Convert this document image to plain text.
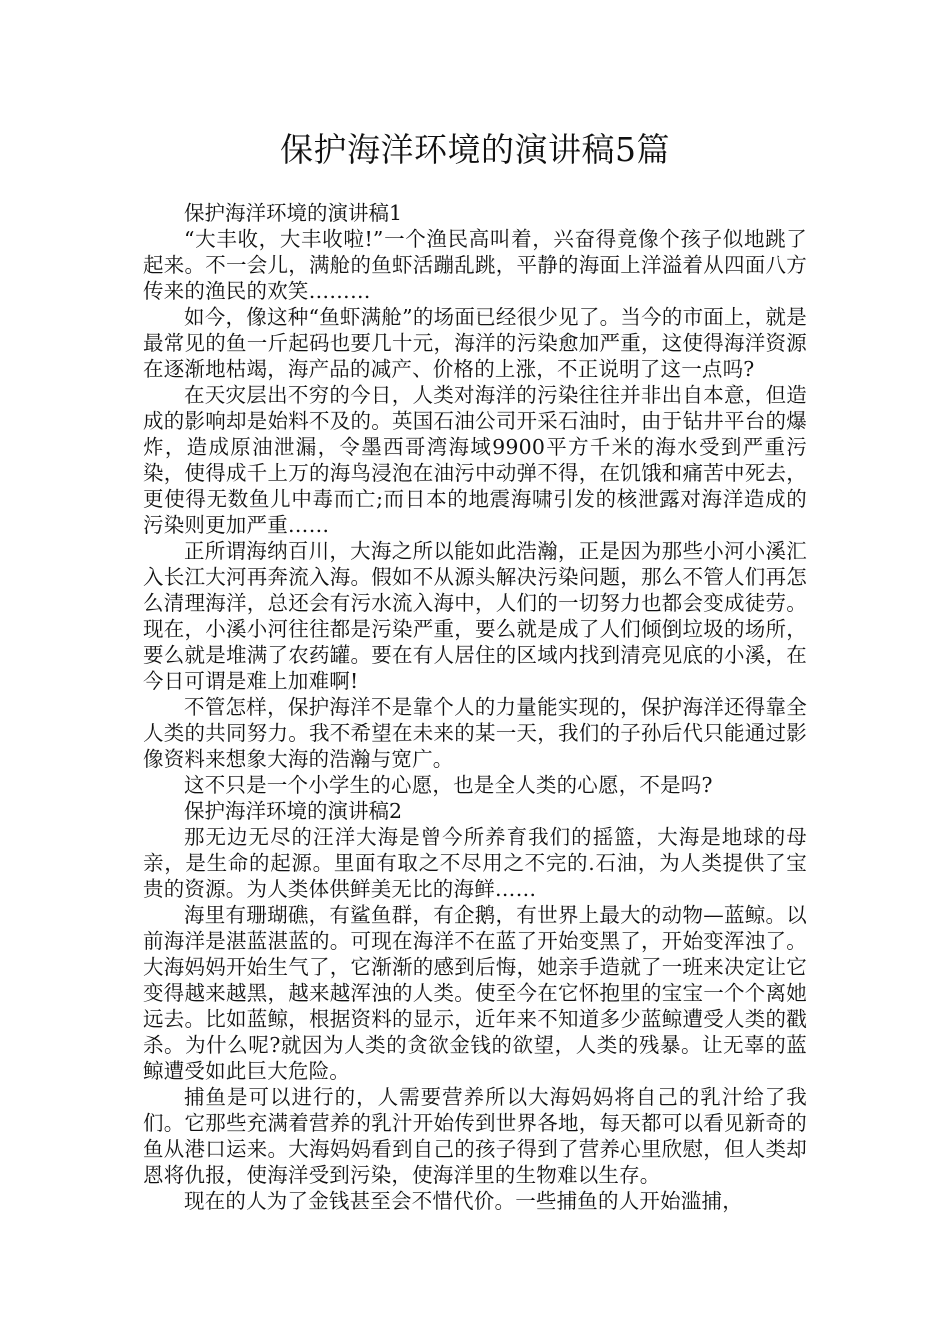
保护海洋环境的演讲稿5篇

保护海洋环境的演讲稿1

“大丰收，大丰收啦!”一个渔民高叫着，兴奋得竟像个孩子似地跳了起来。不一会儿，满舱的鱼虾活蹦乱跳，平静的海面上洋溢着从四面八方传来的渔民的欢笑………

如今，像这种“鱼虾满舱”的场面已经很少见了。当今的市面上，就是最常见的鱼一斤起码也要几十元，海洋的污染愈加严重，这使得海洋资源在逐渐地枯竭，海产品的减产、价格的上涨，不正说明了这一点吗?

在天灾层出不穷的今日，人类对海洋的污染往往并非出自本意，但造成的影响却是始料不及的。英国石油公司开采石油时，由于钻井平台的爆炸，造成原油泄漏，令墨西哥湾海域9900平方千米的海水受到严重污染，使得成千上万的海鸟浸泡在油污中动弹不得，在饥饿和痛苦中死去，更使得无数鱼儿中毒而亡;而日本的地震海啸引发的核泄露对海洋造成的污染则更加严重……

正所谓海纳百川，大海之所以能如此浩瀚，正是因为那些小河小溪汇入长江大河再奔流入海。假如不从源头解决污染问题，那么不管人们再怎么清理海洋，总还会有污水流入海中，人们的一切努力也都会变成徒劳。现在，小溪小河往往都是污染严重，要么就是成了人们倾倒垃圾的场所，要么就是堆满了农药罐。要在有人居住的区域内找到清亮见底的小溪，在今日可谓是难上加难啊!

不管怎样，保护海洋不是靠个人的力量能实现的，保护海洋还得靠全人类的共同努力。我不希望在未来的某一天，我们的子孙后代只能通过影像资料来想象大海的浩瀚与宽广。

这不只是一个小学生的心愿，也是全人类的心愿，不是吗?

保护海洋环境的演讲稿2

那无边无尽的汪洋大海是曾今所养育我们的摇篮，大海是地球的母亲，是生命的起源。里面有取之不尽用之不完的.石油，为人类提供了宝贵的资源。为人类体供鲜美无比的海鲜……

海里有珊瑚礁，有鲨鱼群，有企鹅，有世界上最大的动物—蓝鲸。以前海洋是湛蓝湛蓝的。可现在海洋不在蓝了开始变黑了，开始变浑浊了。大海妈妈开始生气了，它渐渐的感到后悔，她亲手造就了一班来决定让它变得越来越黑，越来越浑浊的人类。使至今在它怀抱里的宝宝一个个离她远去。比如蓝鲸，根据资料的显示，近年来不知道多少蓝鲸遭受人类的戳杀。为什么呢?就因为人类的贪欲金钱的欲望，人类的残暴。让无辜的蓝鲸遭受如此巨大危险。

捕鱼是可以进行的，人需要营养所以大海妈妈将自己的乳汁给了我们。它那些充满着营养的乳汁开始传到世界各地，每天都可以看见新奇的鱼从港口运来。大海妈妈看到自己的孩子得到了营养心里欣慰，但人类却恩将仇报，使海洋受到污染，使海洋里的生物难以生存。

现在的人为了金钱甚至会不惜代价。一些捕鱼的人开始滥捕，
